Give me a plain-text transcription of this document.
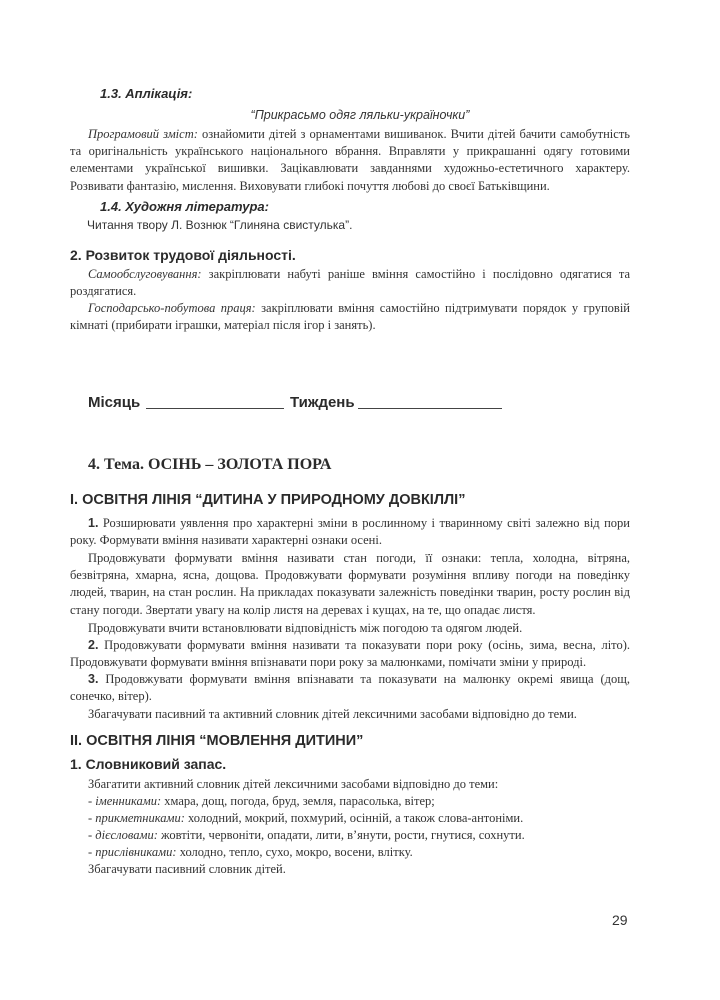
1.3. Аплікація:
“Прикрасьмо одяг ляльки-україночки”

Програмовий зміст: ознайомити дітей з орнаментами вишиванок. Вчити дітей бачити самобутність та оригінальність українського національного вбрання. Вправляти у прикрашанні одягу готовими елементами української вишивки. Зацікавлювати завданнями художньо-естетичного характеру. Розвивати фантазію, мислення. Виховувати глибокі почуття любові до своєї Батьківщини.

1.4. Художня література:
Читання твору Л. Вознюк “Глиняна свистулька”.
2. Розвиток трудової діяльності.

Самообслуговування: закріплювати набуті раніше вміння самостійно і послідовно одягатися та роздягатися.

Господарсько-побутова праця: закріплювати вміння самостійно підтримувати порядок у груповій кімнаті (прибирати іграшки, матеріал після ігор і занять).

Місяць	Тиждень
4. Тема. ОСІНЬ – ЗОЛОТА ПОРА
І. ОСВІТНЯ ЛІНІЯ “ДИТИНА У ПРИРОДНОМУ ДОВКІЛЛІ”

1. Розширювати уявлення про характерні зміни в рослинному і тваринному світі залежно від пори року. Формувати вміння називати характерні ознаки осені.

Продовжувати формувати вміння називати стан погоди, її ознаки: тепла, холодна, вітряна, безвітряна, хмарна, ясна, дощова. Продовжувати формувати розуміння впливу погоди на поведінку людей, тварин, на стан рослин. На прикладах показувати залежність поведінки тварин, росту рослин від стану погоди. Звертати увагу на колір листя на деревах і кущах, на те, що опадає листя.

Продовжувати вчити встановлювати відповідність між погодою та одягом людей.

2. Продовжувати формувати вміння називати та показувати пори року (осінь, зима, весна, літо). Продовжувати формувати вміння впізнавати пори року за малюнками, помічати зміни у природі.

3. Продовжувати формувати вміння впізнавати та показувати на малюнку окремі явища (дощ, сонечко, вітер).

Збагачувати пасивний та активний словник дітей лексичними засобами відповідно до теми.

ІІ. ОСВІТНЯ ЛІНІЯ “МОВЛЕННЯ ДИТИНИ”
1. Словниковий запас.

Збагатити активний словник дітей лексичними засобами відповідно до теми:

- іменниками: хмара, дощ, погода, бруд, земля, парасолька, вітер;

- прикметниками: холодний, мокрий, похмурий, осінній, а також слова-антоніми.

- дієсловами: жовтіти, червоніти, опадати, лити, в’янути, рости, гнутися, сохнути.

- прислівниками: холодно, тепло, сухо, мокро, восени, влітку.

Збагачувати пасивний словник дітей.

29
